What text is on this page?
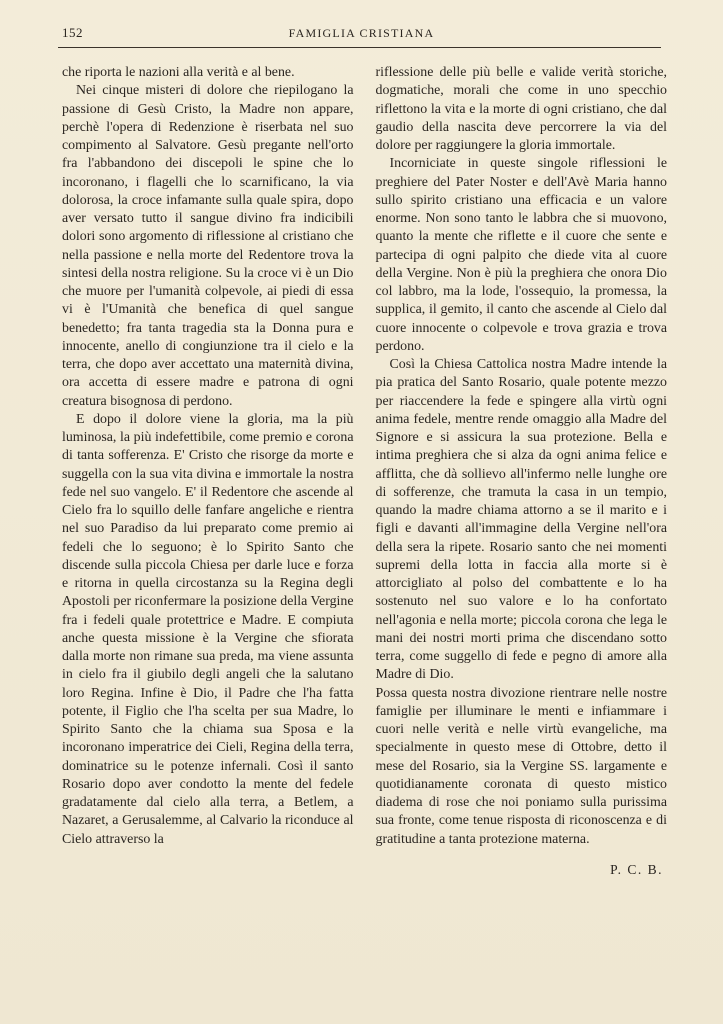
152	FAMIGLIA CRISTIANA

che riporta le nazioni alla verità e al bene.

Nei cinque misteri di dolore che riepilogano la passione di Gesù Cristo, la Madre non appare, perchè l'opera di Redenzione è riserbata nel suo compimento al Salvatore. Gesù pregante nell'orto fra l'abbandono dei discepoli le spine che lo incoronano, i flagelli che lo scarnificano, la via dolorosa, la croce infamante sulla quale spira, dopo aver versato tutto il sangue divino fra indicibili dolori sono argomento di riflessione al cristiano che nella passione e nella morte del Redentore trova la sintesi della nostra religione. Su la croce vi è un Dio che muore per l'umanità colpevole, ai piedi di essa vi è l'Umanità che benefica di quel sangue benedetto; fra tanta tragedia sta la Donna pura e innocente, anello di congiunzione tra il cielo e la terra, che dopo aver accettato una maternità divina, ora accetta di essere madre e patrona di ogni creatura bisognosa di perdono.

E dopo il dolore viene la gloria, ma la più luminosa, la più indefettibile, come premio e corona di tanta sofferenza. E' Cristo che risorge da morte e suggella con la sua vita divina e immortale la nostra fede nel suo vangelo. E' il Redentore che ascende al Cielo fra lo squillo delle fanfare angeliche e rientra nel suo Paradiso da lui preparato come premio ai fedeli che lo seguono; è lo Spirito Santo che discende sulla piccola Chiesa per darle luce e forza e ritorna in quella circostanza su la Regina degli Apostoli per riconfermare la posizione della Vergine fra i fedeli quale protettrice e Madre. E compiuta anche questa missione è la Vergine che sfiorata dalla morte non rimane sua preda, ma viene assunta in cielo fra il giubilo degli angeli che la salutano loro Regina. Infine è Dio, il Padre che l'ha fatta potente, il Figlio che l'ha scelta per sua Madre, lo Spirito Santo che la chiama sua Sposa e la incoronano imperatrice dei Cieli, Regina della terra, dominatrice su le potenze infernali. Così il santo Rosario dopo aver condotto la mente del fedele gradatamente dal cielo alla terra, a Betlem, a Nazaret, a Gerusalemme, al Calvario la riconduce al Cielo attraverso la

riflessione delle più belle e valide verità storiche, dogmatiche, morali che come in uno specchio riflettono la vita e la morte di ogni cristiano, che dal gaudio della nascita deve percorrere la via del dolore per raggiungere la gloria immortale.

Incorniciate in queste singole riflessioni le preghiere del Pater Noster e dell'Avè Maria hanno sullo spirito cristiano una efficacia e un valore enorme. Non sono tanto le labbra che si muovono, quanto la mente che riflette e il cuore che sente e partecipa di ogni palpito che diede vita al cuore della Vergine. Non è più la preghiera che onora Dio col labbro, ma la lode, l'ossequio, la promessa, la supplica, il gemito, il canto che ascende al Cielo dal cuore innocente o colpevole e trova grazia e trova perdono.

Così la Chiesa Cattolica nostra Madre intende la pia pratica del Santo Rosario, quale potente mezzo per riaccendere la fede e spingere alla virtù ogni anima fedele, mentre rende omaggio alla Madre del Signore e si assicura la sua protezione. Bella e intima preghiera che si alza da ogni anima felice e afflitta, che dà sollievo all'infermo nelle lunghe ore di sofferenze, che tramuta la casa in un tempio, quando la madre chiama attorno a se il marito e i figli e davanti all'immagine della Vergine nell'ora della sera la ripete. Rosario santo che nei momenti supremi della lotta in faccia alla morte si è attorcigliato al polso del combattente e lo ha sostenuto nel suo valore e lo ha confortato nell'agonia e nella morte; piccola corona che lega le mani dei nostri morti prima che discendano sotto terra, come suggello di fede e pegno di amore alla Madre di Dio.

Possa questa nostra divozione rientrare nelle nostre famiglie per illuminare le menti e infiammare i cuori nelle verità e nelle virtù evangeliche, ma specialmente in questo mese di Ottobre, detto il mese del Rosario, sia la Vergine SS. largamente e quotidianamente coronata di questo mistico diadema di rose che noi poniamo sulla purissima sua fronte, come tenue risposta di riconoscenza e di gratitudine a tanta protezione materna.

P. C. B.
